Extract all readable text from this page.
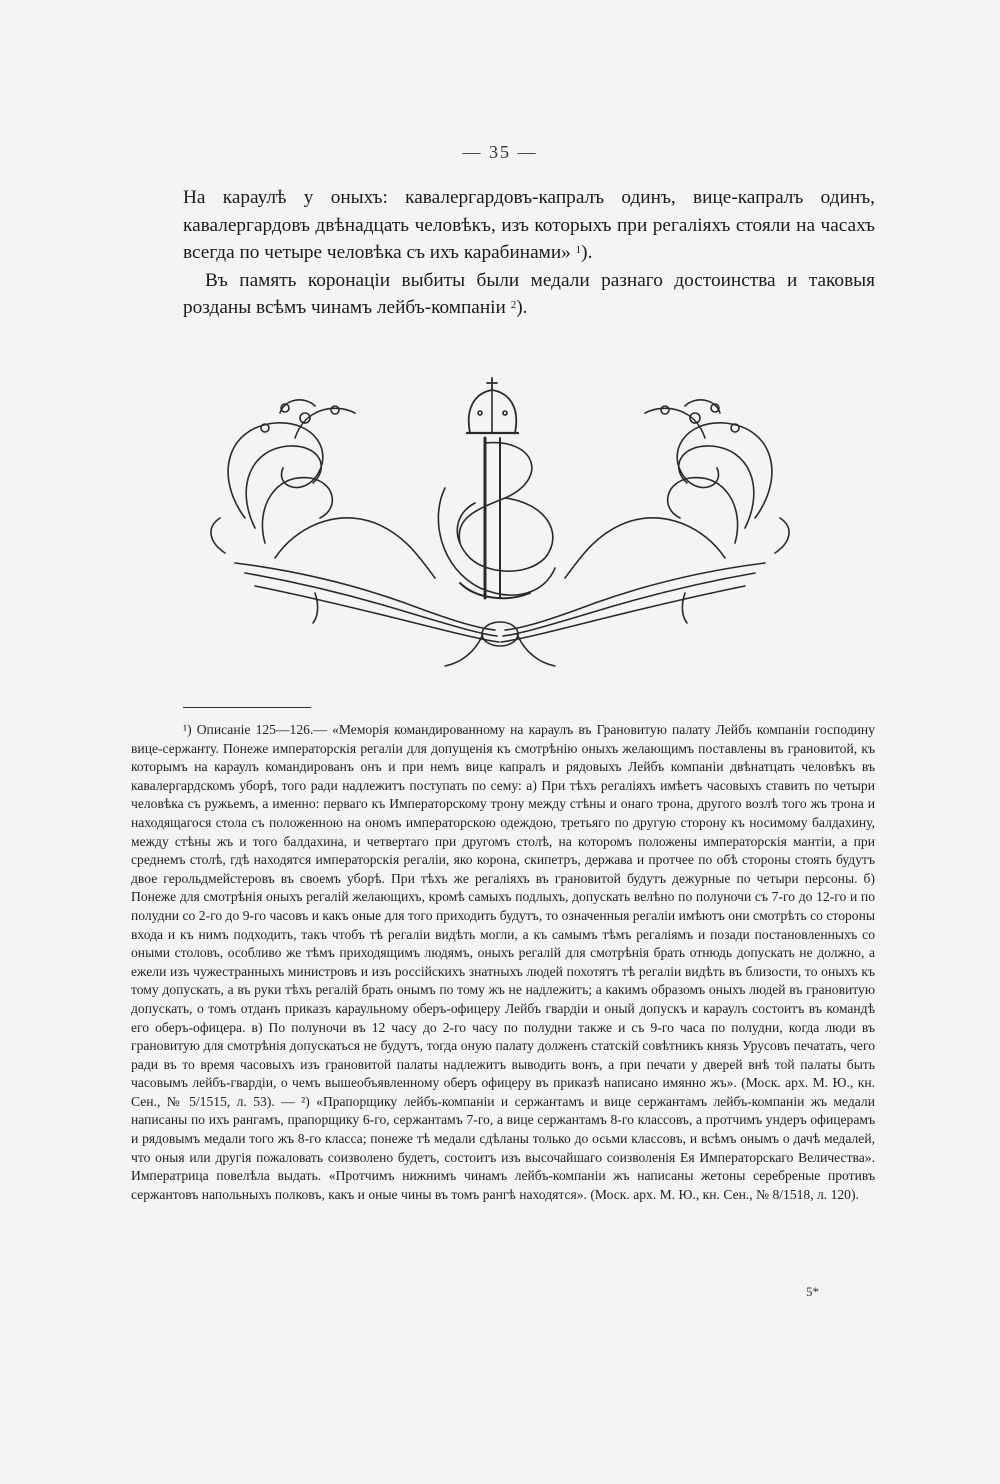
— 35 —

На караулѣ у оныхъ: кавалергардовъ-капралъ одинъ, вице-капралъ одинъ, кавалергардовъ двѣнадцать человѣкъ, изъ которыхъ при регаліяхъ стояли на часахъ всегда по четыре человѣка съ ихъ карабинами» $^1$).

Въ память коронаціи выбиты были медали разнаго достоинства и таковыя розданы всѣмъ чинамъ лейбъ-компаніи $^2$).

¹) Описаніе 125—126.— «Меморія командированному на караулъ въ Грановитую палату Лейбъ компаніи господину вице-сержанту. Понеже императорскія регаліи для допущенія къ смотрѣнію оныхъ желающимъ поставлены въ грановитой, къ которымъ на караулъ командированъ онъ и при немъ вице капралъ и рядовыхъ Лейбъ компаніи двѣнатцать человѣкъ въ кавалергардскомъ уборѣ, того ради надлежитъ поступать по сему: а) При тѣхъ регаліяхъ имѣетъ часовыхъ ставить по четыри человѣка съ ружьемъ, а именно: перваго къ Императорскому трону между стѣны и онаго трона, другого возлѣ того жъ трона и находящагося стола съ положенною на ономъ императорскою одеждою, третьяго по другую сторону къ носимому балдахину, между стѣны жъ и того балдахина, и четвертаго при другомъ столѣ, на которомъ положены императорскія мантіи, а при среднемъ столѣ, гдѣ находятся императорскія регаліи, яко корона, скипетръ, держава и протчее по обѣ стороны стоять будутъ двое герольдмейстеровъ въ своемъ уборѣ. При тѣхъ же регаліяхъ въ грановитой будутъ дежурные по четыри персоны. б) Понеже для смотрѣнія оныхъ регалій желающихъ, кромѣ самыхъ подлыхъ, допускать велѣно по полуночи съ 7-го до 12-го и по полудни со 2-го до 9-го часовъ и какъ оные для того приходить будутъ, то означенныя регаліи имѣютъ они смотрѣть со стороны входа и къ нимъ подходить, такъ чтобъ тѣ регаліи видѣть могли, а къ самымъ тѣмъ регаліямъ и позади постановленныхъ со оными столовъ, особливо же тѣмъ приходящимъ людямъ, оныхъ регалій для смотрѣнія брать отнюдь допускать не должно, а ежели изъ чужестранныхъ министровъ и изъ россійскихъ знатныхъ людей похотятъ тѣ регаліи видѣть въ близости, то оныхъ къ тому допускать, а въ руки тѣхъ регалій брать онымъ по тому жъ не надлежитъ; а какимъ образомъ оныхъ людей въ грановитую допускать, о томъ отданъ приказъ караульному оберъ-офицеру Лейбъ гвардіи и оный допускъ и караулъ состоитъ въ командѣ его оберъ-офицера. в) По полуночи въ 12 часу до 2-го часу по полудни также и съ 9-го часа по полудни, когда люди въ грановитую для смотрѣнія допускаться не будутъ, тогда оную палату долженъ статскій совѣтникъ князь Урусовъ печатать, чего ради въ то время часовыхъ изъ грановитой палаты надлежитъ выводить вонъ, а при печати у дверей внѣ той палаты быть часовымъ лейбъ-гвардіи, о чемъ вышеобъявленному оберъ офицеру въ приказѣ написано имянно жъ». (Моск. арх. М. Ю., кн. Сен., № 5/1515, л. 53). — ²) «Прапорщику лейбъ-компаніи и сержантамъ и вице сержантамъ лейбъ-компаніи жъ медали написаны по ихъ рангамъ, прапорщику 6-го, сержантамъ 7-го, а вице сержантамъ 8-го классовъ, а протчимъ ундеръ офицерамъ и рядовымъ медали того жъ 8-го класса; понеже тѣ медали сдѣланы только до осьми классовъ, и всѣмъ онымъ о дачѣ медалей, что оныя или другія пожаловать соизволено будетъ, состоитъ изъ высочайшаго соизволенія Ея Императорскаго Величества». Императрица повелѣла выдать. «Протчимъ нижнимъ чинамъ лейбъ-компаніи жъ написаны жетоны серебреные противъ сержантовъ напольныхъ полковъ, какъ и оные чины въ томъ рангѣ находятся». (Моск. арх. М. Ю., кн. Сен., № 8/1518, л. 120).

5*
